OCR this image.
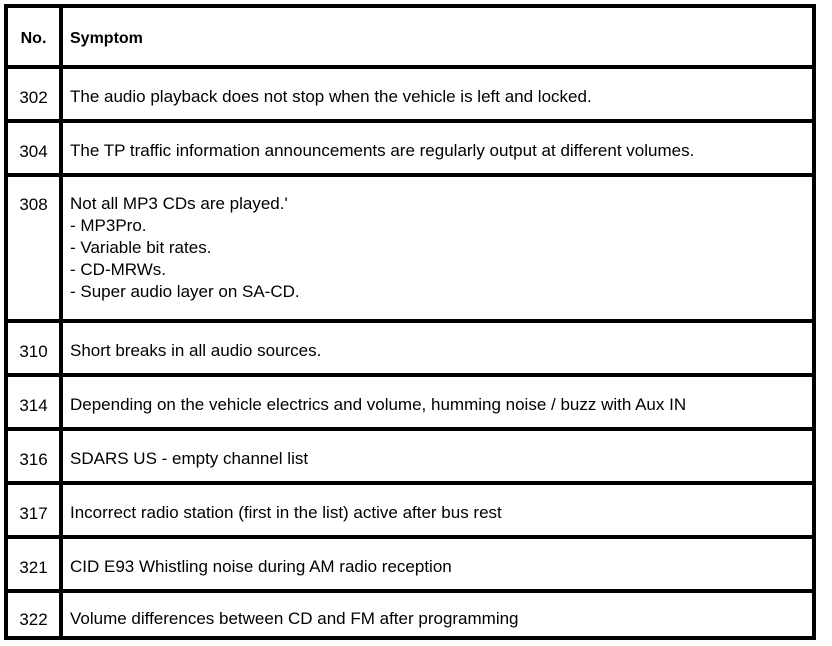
No.	Symptom
302	The audio playback does not stop when the vehicle is left and locked.
304	The TP traffic information announcements are regularly output at different volumes.
308	Not all MP3 CDs are played.'
- MP3Pro.
- Variable bit rates.
- CD-MRWs.
- Super audio layer on SA-CD.
310	Short breaks in all audio sources.
314	Depending on the vehicle electrics and volume, humming noise / buzz with Aux IN
316	SDARS US - empty channel list
317	Incorrect radio station (first in the list) active after bus rest
321	CID E93 Whistling noise during AM radio reception
322	Volume differences between CD and FM after programming
